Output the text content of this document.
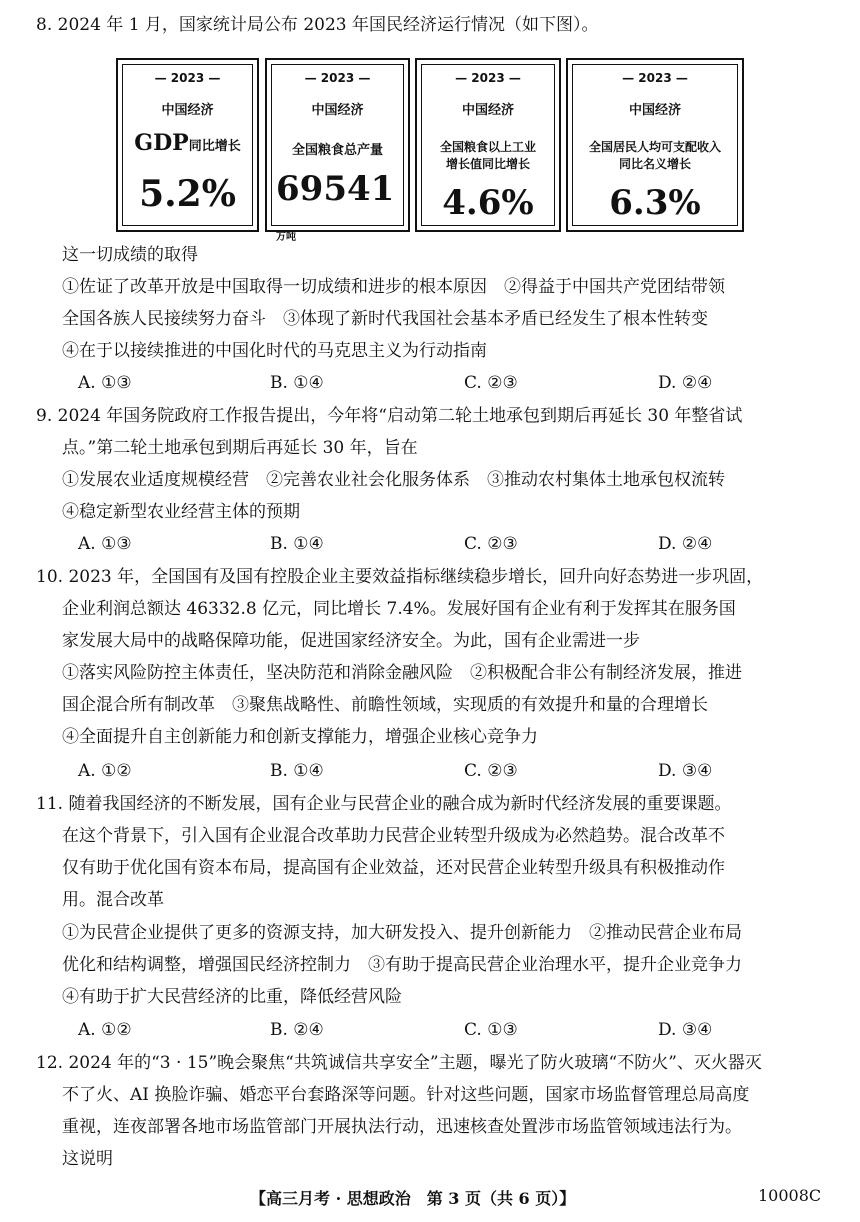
8. 2024 年 1 月，国家统计局公布 2023 年国民经济运行情况（如下图）。
— 2023 —
中国经济
GDP同比增长
5.2%
— 2023 —
中国经济
全国粮食总产量
69541万吨
— 2023 —
中国经济
全国粮食以上工业
增长值同比增长
4.6%
— 2023 —
中国经济
全国居民人均可支配收入
同比名义增长
6.3%
这一切成绩的取得
①佐证了改革开放是中国取得一切成绩和进步的根本原因　②得益于中国共产党团结带领
全国各族人民接续努力奋斗　③体现了新时代我国社会基本矛盾已经发生了根本性转变
④在于以接续推进的中国化时代的马克思主义为行动指南
A. ①③	B. ①④	C. ②③	D. ②④
9. 2024 年国务院政府工作报告提出，今年将“启动第二轮土地承包到期后再延长 30 年整省试
点。”第二轮土地承包到期后再延长 30 年，旨在
①发展农业适度规模经营　②完善农业社会化服务体系　③推动农村集体土地承包权流转
④稳定新型农业经营主体的预期
A. ①③	B. ①④	C. ②③	D. ②④
10. 2023 年，全国国有及国有控股企业主要效益指标继续稳步增长，回升向好态势进一步巩固，
企业利润总额达 46332.8 亿元，同比增长 7.4%。发展好国有企业有利于发挥其在服务国
家发展大局中的战略保障功能，促进国家经济安全。为此，国有企业需进一步
①落实风险防控主体责任，坚决防范和消除金融风险　②积极配合非公有制经济发展，推进
国企混合所有制改革　③聚焦战略性、前瞻性领域，实现质的有效提升和量的合理增长
④全面提升自主创新能力和创新支撑能力，增强企业核心竞争力
A. ①②	B. ①④	C. ②③	D. ③④
11. 随着我国经济的不断发展，国有企业与民营企业的融合成为新时代经济发展的重要课题。
在这个背景下，引入国有企业混合改革助力民营企业转型升级成为必然趋势。混合改革不
仅有助于优化国有资本布局，提高国有企业效益，还对民营企业转型升级具有积极推动作
用。混合改革
①为民营企业提供了更多的资源支持，加大研发投入、提升创新能力　②推动民营企业布局
优化和结构调整，增强国民经济控制力　③有助于提高民营企业治理水平，提升企业竞争力
④有助于扩大民营经济的比重，降低经营风险
A. ①②	B. ②④	C. ①③	D. ③④
12. 2024 年的“3 · 15”晚会聚焦“共筑诚信共享安全”主题，曝光了防火玻璃“不防火”、灭火器灭
不了火、AI 换脸诈骗、婚恋平台套路深等问题。针对这些问题，国家市场监督管理总局高度
重视，连夜部署各地市场监管部门开展执法行动，迅速核查处置涉市场监管领域违法行为。
这说明
【高三月考 · 思想政治　第 3 页（共 6 页）】	10008C
